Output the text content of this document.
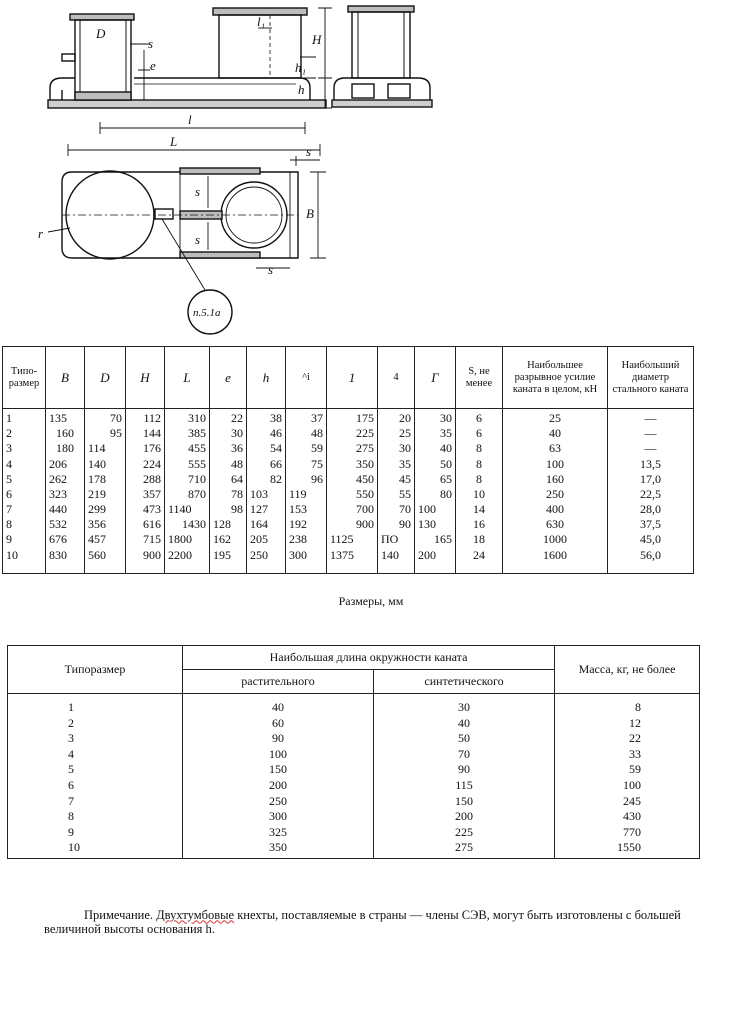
D
s
e
l₁
H
h₁
h
l
L
s
B
s
s
s
r
п.5.1а
Типо-размер	B	D	H	L	e	h	^i	1	4	Г	S, не менее	Наибольшее разрывное усилие каната в целом, кН	Наибольший диаметр стального каната
1	135	70	112	310	22	38	37	175	20	30	6	25	—
2	160	95	144	385	30	46	48	225	25	35	6	40	—
3	180	114	176	455	36	54	59	275	30	40	8	63	—
4	206	140	224	555	48	66	75	350	35	50	8	100	13,5
5	262	178	288	710	64	82	96	450	45	65	8	160	17,0
6	323	219	357	870	78	103	119	550	55	80	10	250	22,5
7	440	299	473	1140	98	127	153	700	70	100	14	400	28,0
8	532	356	616	1430	128	164	192	900	90	130	16	630	37,5
9	676	457	715	1800	162	205	238	1125	ПО	165	18	1000	45,0
10	830	560	900	2200	195	250	300	1375	140	200	24	1600	56,0
Размеры, мм
Типоразмер	Наибольшая длина окружности каната		Масса, кг, не более
	растительного	синтетического	
1	40	30	8
2	60	40	12
3	90	50	22
4	100	70	33
5	150	90	59
6	200	115	100
7	250	150	245
8	300	200	430
9	325	225	770
10	350	275	1550

Примечание. Двухтумбовые кнехты, поставляемые в страны — члены СЭВ, могут быть изготовлены с большей величиной высоты основания h.
